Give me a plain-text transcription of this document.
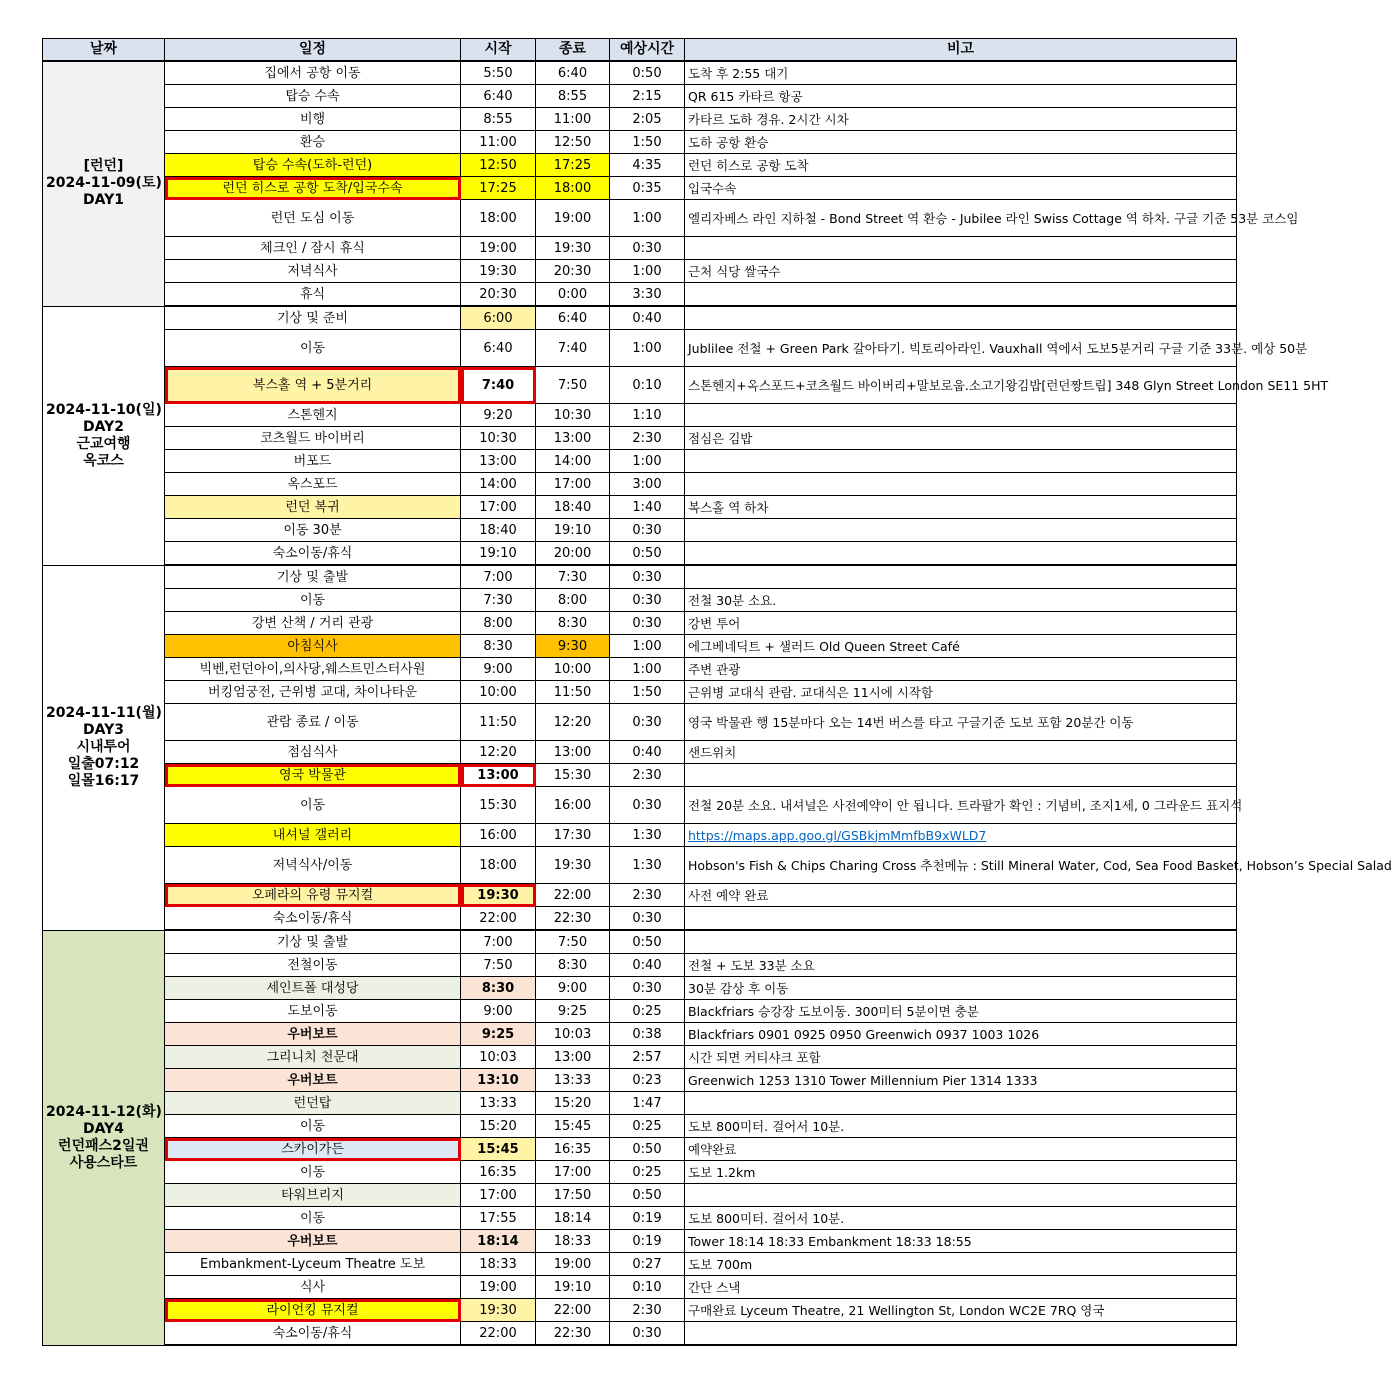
날짜	일정	시작	종료	예상시간	비고

[런던]
2024-11-09(토)
DAY1	집에서 공항 이동	5:50	6:40	0:50	도착 후 2:55 대기
	탑승 수속	6:40	8:55	2:15	QR 615 카타르 항공
	비행	8:55	11:00	2:05	카타르 도하 경유. 2시간 시차
	환승	11:00	12:50	1:50	도하 공항 환승
	탑승 수속(도하-런던)	12:50	17:25	4:35	런던 히스로 공항 도착
	런던 히스로 공항 도착/입국수속	17:25	18:00	0:35	입국수속
	런던 도심 이동	18:00	19:00	1:00	엘리자베스 라인 지하철 - Bond Street 역 환승 - Jubilee 라인 Swiss Cottage 역 하차. 구글 기준 53분 코스임
	체크인 / 잠시 휴식	19:00	19:30	0:30	
	저녁식사	19:30	20:30	1:00	근처 식당 쌀국수
	휴식	20:30	0:00	3:30	

2024-11-10(일)
DAY2
근교여행
옥코스	기상 및 준비	6:00	6:40	0:40	
	이동	6:40	7:40	1:00	Jublilee 전철 + Green Park 갈아타기. 빅토리아라인. Vauxhall 역에서 도보5분거리 구글 기준 33분. 예상 50분
	복스홀 역 + 5분거리	7:40	7:50	0:10	스톤헨지+옥스포드+코츠월드 바이버리+말보로웁.소고기왕김밥[런던짱트립] 348 Glyn Street London SE11 5HT
	스톤헨지	9:20	10:30	1:10	
	코츠월드 바이버리	10:30	13:00	2:30	점심은 김밥
	버포드	13:00	14:00	1:00	
	옥스포드	14:00	17:00	3:00	
	런던 복귀	17:00	18:40	1:40	복스홀 역 하차
	이동 30분	18:40	19:10	0:30	
	숙소이동/휴식	19:10	20:00	0:50	

2024-11-11(월)
DAY3
시내투어
일출07:12
일몰16:17	기상 및 출발	7:00	7:30	0:30	
	이동	7:30	8:00	0:30	전철 30분 소요.
	강변 산책 / 거리 관광	8:00	8:30	0:30	강변 투어
	아침식사	8:30	9:30	1:00	에그베네딕트 + 샐러드 Old Queen Street Café
	빅벤,런던아이,의사당,웨스트민스터사원	9:00	10:00	1:00	주변 관광
	버킹엄궁전, 근위병 교대, 차이나타운	10:00	11:50	1:50	근위병 교대식 관람. 교대식은 11시에 시작함
	관람 종료 / 이동	11:50	12:20	0:30	영국 박물관 행 15분마다 오는 14번 버스를 타고 구글기준 도보 포함 20분간 이동
	점심식사	12:20	13:00	0:40	샌드위치
	영국 박물관	13:00	15:30	2:30	
	이동	15:30	16:00	0:30	전철 20분 소요. 내셔널은 사전예약이 안 됩니다. 트라팔가 확인 : 기념비, 조지1세, 0 그라운드 표지석
	내셔널 갤러리	16:00	17:30	1:30	https://maps.app.goo.gl/GSBkjmMmfbB9xWLD7
	저녁식사/이동	18:00	19:30	1:30	Hobson's Fish & Chips Charing Cross 추천메뉴 : Still Mineral Water, Cod, Sea Food Basket, Hobson’s Special Salad
	오페라의 유령 뮤지컬	19:30	22:00	2:30	사전 예약 완료
	숙소이동/휴식	22:00	22:30	0:30	

2024-11-12(화)
DAY4
런던패스2일권
사용스타트	기상 및 출발	7:00	7:50	0:50	
	전철이동	7:50	8:30	0:40	전철 + 도보 33분 소요
	세인트폴 대성당	8:30	9:00	0:30	30분 감상 후 이동
	도보이동	9:00	9:25	0:25	Blackfriars 승강장 도보이동. 300미터 5분이면 충분
	우버보트	9:25	10:03	0:38	Blackfriars 0901 0925 0950 Greenwich 0937 1003 1026
	그리니치 천문대	10:03	13:00	2:57	시간 되면 커티샤크 포함
	우버보트	13:10	13:33	0:23	Greenwich 1253 1310 Tower Millennium Pier 1314 1333
	런던탑	13:33	15:20	1:47	
	이동	15:20	15:45	0:25	도보 800미터. 걸어서 10분.
	스카이가든	15:45	16:35	0:50	예약완료
	이동	16:35	17:00	0:25	도보 1.2km
	타워브리지	17:00	17:50	0:50	
	이동	17:55	18:14	0:19	도보 800미터. 걸어서 10분.
	우버보트	18:14	18:33	0:19	Tower 18:14 18:33 Embankment 18:33 18:55
	Embankment-Lyceum Theatre 도보	18:33	19:00	0:27	도보 700m
	식사	19:00	19:10	0:10	간단 스낵
	라이언킹 뮤지컬	19:30	22:00	2:30	구매완료 Lyceum Theatre, 21 Wellington St, London WC2E 7RQ 영국
	숙소이동/휴식	22:00	22:30	0:30	
